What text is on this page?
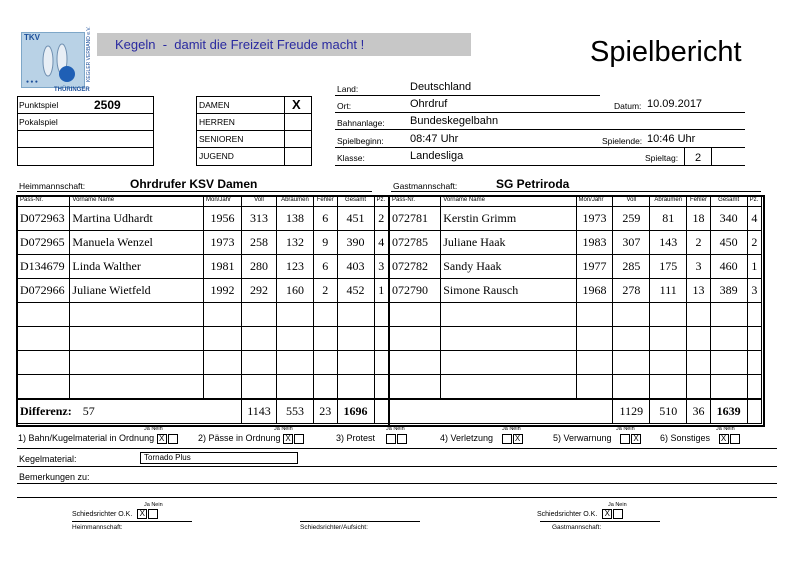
TKV
● ● ●	KEGLER VERBAND e.V.
THÜRINGER
Kegeln  -  damit die Freizeit Freude macht !	Spielbericht
Land:	Deutschland
Ort:	Ohrdruf	Datum: 10.09.2017
Bahnanlage: Bundeskegelbahn
Spielbeginn: 08:47 Uhr	Spielende: 10:46 Uhr
Klasse:	Landesliga	Spieltag:	2
Punktspiel	2509
Pokalspiel
DAMEN	X
HERREN
SENIOREN
JUGEND
Heimmannschaft:	Ohrdrufer KSV Damen	Gastmannschaft:	SG Petriroda
Pass-Nr.	Vorname Name	Mon/Jahr	Voll	Abräumen	Fehler	Gesamt	Pz.
D072963	Martina Udhardt	1956	313	138	6	451	2
D072965	Manuela Wenzel	1973	258	132	9	390	4
D134679	Linda Walther	1981	280	123	6	403	3
D072966	Juliane Wietfeld	1992	292	160	2	452	1

Differenz: 57			1143	553	23	1696	
Pass-Nr.	Vorname Name	Mon/Jahr	Voll	Abräumen	Fehler	Gesamt	Pz.
072781	Kerstin Grimm	1973	259	81	18	340	4
072785	Juliane Haak	1983	307	143	2	450	2
072782	Sandy Haak	1977	285	175	3	460	1
072790	Simone Rausch	1968	278	111	13	389	3

			1129	510	36	1639	
1) Bahn/Kugelmaterial in Ordnung X
Ja Nein
2) Pässe in Ordnung X
Ja Nein
3) Protest
Ja Nein
4) Verletzung	X
Ja Nein
5) Verwarnung	X
Ja Nein
6) Sonstiges X
Ja Nein
Kegelmaterial:	Tornado Plus
Bemerkungen zu:
Ja Nein
Schiedsrichter O.K. X
Ja Nein
Schiedsrichter O.K. X
Heimmannschaft:	Schiedsrichter/Aufsicht:	Gastmannschaft:
